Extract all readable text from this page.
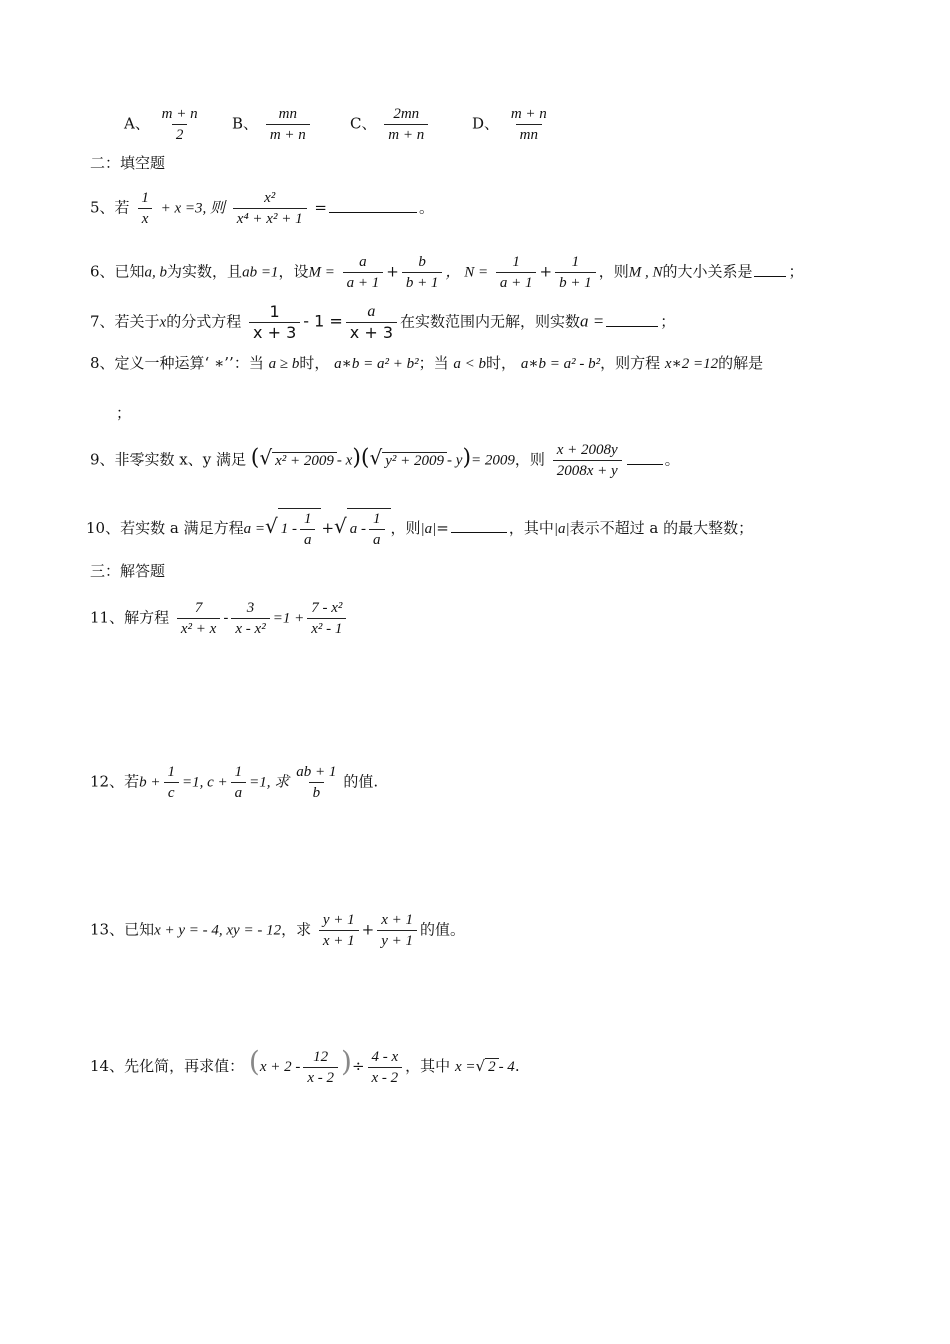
A、 $\frac{m + n}{2}$ B、 $\frac{mn}{m + n}$	C、 $\frac{2mn}{m + n}$	D、 $\frac{m + n}{mn}$
二：填空题
5、若 $\frac{1}{x} + x =3$, 则 $\frac{\text{x²}}{\text{x⁴ + x² + 1}}$ =	。
6、已知a, b为实数，且ab =1，设$M = \frac{a}{a + 1} + \frac{b}{b + 1}$ ， $N = \frac{1}{a + 1} + \frac{1}{b + 1}$ ，则M , N的大小关系是 ；
7、若关于x的分式方程 $\frac{1}{x + 3} - 1 = \frac{a}{x + 3}$ 在实数范围内无解，则实数a =	；
8、定义一种运算‘ ∗’’：当 a ≥ b时， a∗b = a² + b²；当 a < b时， a∗b = a² - b²，则方程 x∗2 =12的解是
；
9、非零实数 x、y 满足 (√ x² + 2009 - x)(√ y² + 2009 - y)= 2009，则 $\frac{x + 2008y}{2008x + y}$	。
10、若实数 a 满足方程a =√ $1 - \frac{1}{a}$ +√ a - $\frac{1}{a}$ ，则|a|=	，其中|a|表示不超过 a 的最大整数；
三：解答题
11、解方程 $\frac{7}{\text{x² + x}} - \frac{3}{\text{x - x²}} =1 + \frac{\text{7 - x²}}{\text{x² - 1}}$
12、若$b + \frac{1}{c} =1$, $c + \frac{1}{a} =1$, 求 $\frac{ab + 1}{b}$ 的值.
13、已知x + y = - 4, xy = - 12，求 $\frac{y + 1}{x + 1} + \frac{x + 1}{y + 1}$ 的值。
14、先化简，再求值： ($x + 2 - \frac{12}{x - 2}$ )÷ $\frac{4 - x}{x - 2}$ ，其中 x =√ 2 - 4.
